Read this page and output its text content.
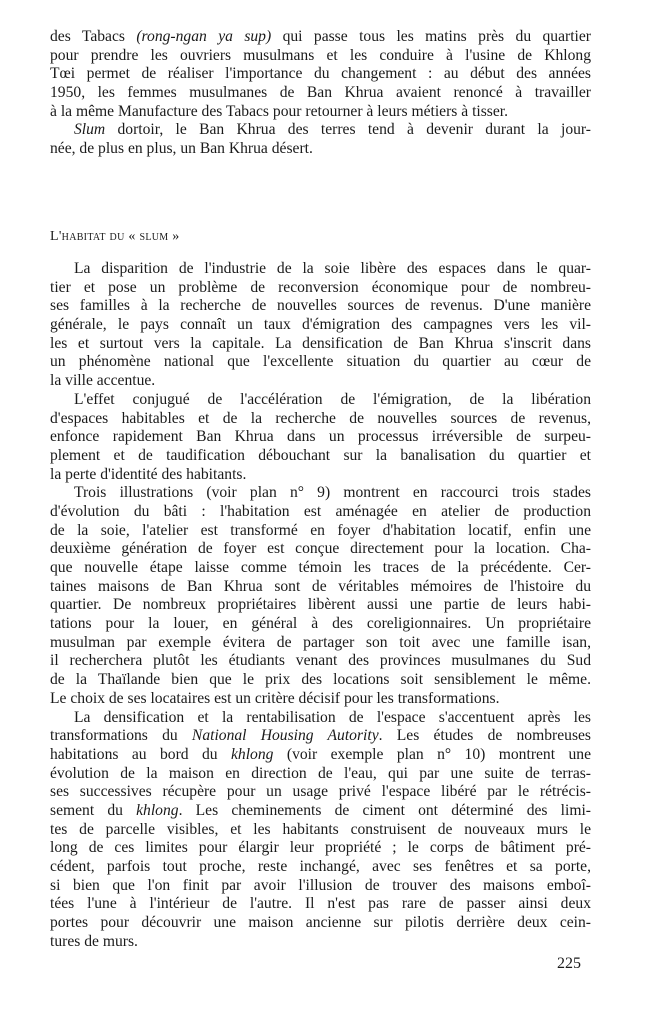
des Tabacs (rong-ngan ya sup) qui passe tous les matins près du quartier
pour prendre les ouvriers musulmans et les conduire à l'usine de Khlong
Tœi permet de réaliser l'importance du changement : au début des années
1950, les femmes musulmanes de Ban Khrua avaient renoncé à travailler
à la même Manufacture des Tabacs pour retourner à leurs métiers à tisser.
Slum dortoir, le Ban Khrua des terres tend à devenir durant la jour-
née, de plus en plus, un Ban Khrua désert.
L'habitat du « slum »
La disparition de l'industrie de la soie libère des espaces dans le quar-
tier et pose un problème de reconversion économique pour de nombreu-
ses familles à la recherche de nouvelles sources de revenus. D'une manière
générale, le pays connaît un taux d'émigration des campagnes vers les vil-
les et surtout vers la capitale. La densification de Ban Khrua s'inscrit dans
un phénomène national que l'excellente situation du quartier au cœur de
la ville accentue.
L'effet conjugué de l'accélération de l'émigration, de la libération
d'espaces habitables et de la recherche de nouvelles sources de revenus,
enfonce rapidement Ban Khrua dans un processus irréversible de surpeu-
plement et de taudification débouchant sur la banalisation du quartier et
la perte d'identité des habitants.
Trois illustrations (voir plan n° 9) montrent en raccourci trois stades
d'évolution du bâti : l'habitation est aménagée en atelier de production
de la soie, l'atelier est transformé en foyer d'habitation locatif, enfin une
deuxième génération de foyer est conçue directement pour la location. Cha-
que nouvelle étape laisse comme témoin les traces de la précédente. Cer-
taines maisons de Ban Khrua sont de véritables mémoires de l'histoire du
quartier. De nombreux propriétaires libèrent aussi une partie de leurs habi-
tations pour la louer, en général à des coreligionnaires. Un propriétaire
musulman par exemple évitera de partager son toit avec une famille isan,
il recherchera plutôt les étudiants venant des provinces musulmanes du Sud
de la Thaïlande bien que le prix des locations soit sensiblement le même.
Le choix de ses locataires est un critère décisif pour les transformations.
La densification et la rentabilisation de l'espace s'accentuent après les
transformations du National Housing Autority. Les études de nombreuses
habitations au bord du khlong (voir exemple plan n° 10) montrent une
évolution de la maison en direction de l'eau, qui par une suite de terras-
ses successives récupère pour un usage privé l'espace libéré par le rétrécis-
sement du khlong. Les cheminements de ciment ont déterminé des limi-
tes de parcelle visibles, et les habitants construisent de nouveaux murs le
long de ces limites pour élargir leur propriété ; le corps de bâtiment pré-
cédent, parfois tout proche, reste inchangé, avec ses fenêtres et sa porte,
si bien que l'on finit par avoir l'illusion de trouver des maisons emboî-
tées l'une à l'intérieur de l'autre. Il n'est pas rare de passer ainsi deux
portes pour découvrir une maison ancienne sur pilotis derrière deux cein-
tures de murs.
225
